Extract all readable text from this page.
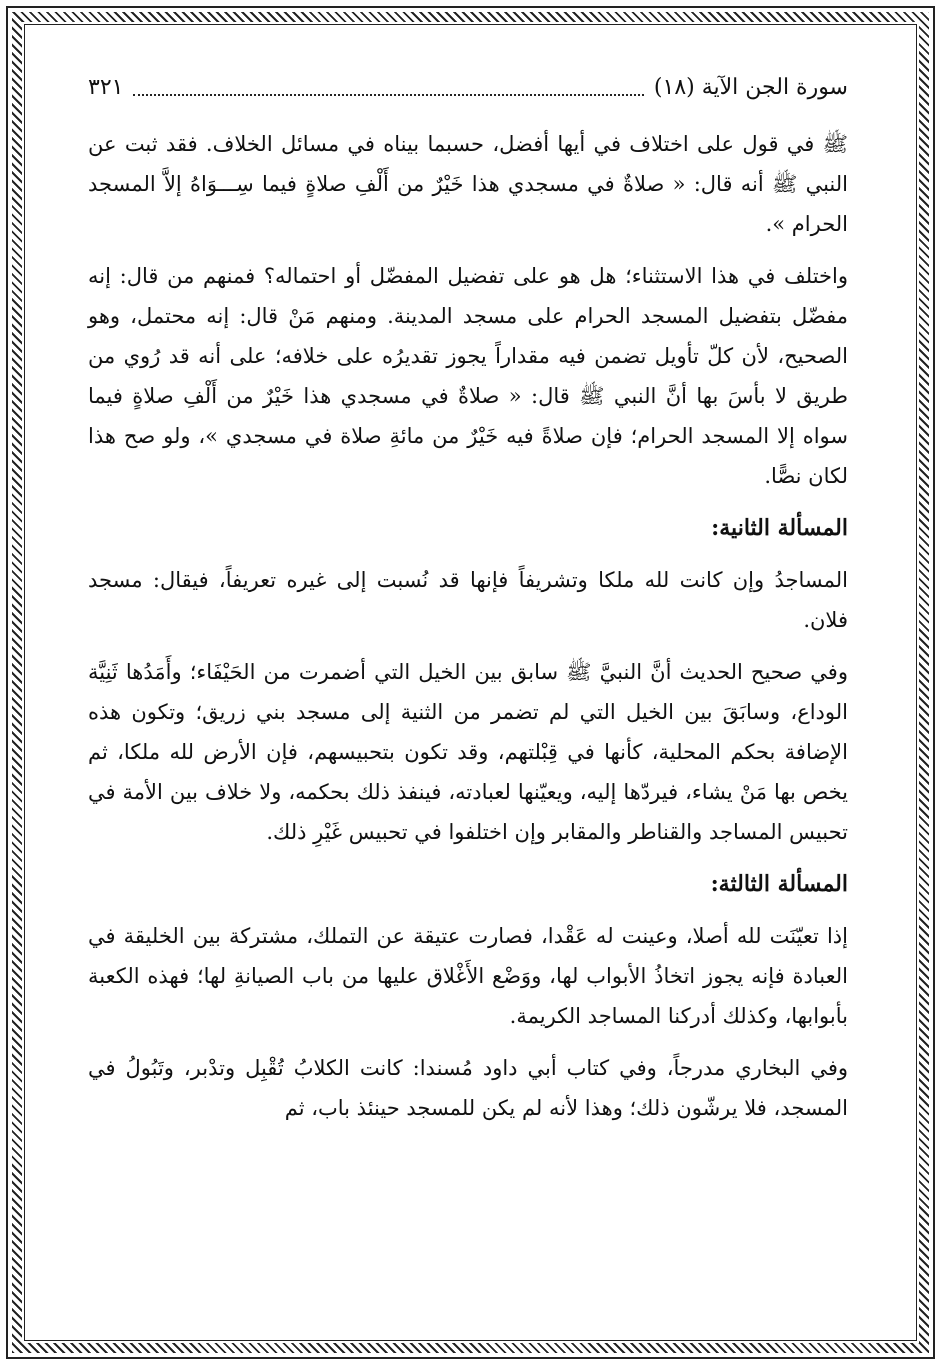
سورة الجن الآية (١٨)
٣٢١

ﷺ في قول على اختلاف في أيها أفضل، حسبما بيناه في مسائل الخلاف. فقد ثبت عن النبي ﷺ أنه قال: « صلاةٌ في مسجدي هذا خَيْرٌ من أَلْفِ صلاةٍ فيما سِـــوَاهُ إلاَّ المسجد الحرام ».

واختلف في هذا الاستثناء؛ هل هو على تفضيل المفضّل أو احتماله؟ فمنهم من قال: إنه مفضّل بتفضيل المسجد الحرام على مسجد المدينة. ومنهم مَنْ قال: إنه محتمل، وهو الصحيح، لأن كلّ تأويل تضمن فيه مقداراً يجوز تقديرُه على خلافه؛ على أنه قد رُوي من طريق لا بأسَ بها أنَّ النبي ﷺ قال: « صلاةٌ في مسجدي هذا خَيْرٌ من أَلْفِ صلاةٍ فيما سواه إلا المسجد الحرام؛ فإن صلاةً فيه خَيْرٌ من مائةِ صلاة في مسجدي »، ولو صح هذا لكان نصًّا.

المسألة الثانية:

المساجدُ وإن كانت لله ملكا وتشريفاً فإنها قد نُسبت إلى غيره تعريفاً، فيقال: مسجد فلان.

وفي صحيح الحديث أنَّ النبيَّ ﷺ سابق بين الخيل التي أضمرت من الحَيْفَاء؛ وأَمَدُها ثَنِيَّة الوداع، وسابَقَ بين الخيل التي لم تضمر من الثنية إلى مسجد بني زريق؛ وتكون هذه الإضافة بحكم المحلية، كأنها في قِبْلتهم، وقد تكون بتحبيسهم، فإن الأرض لله ملكا، ثم يخص بها مَنْ يشاء، فيردّها إليه، ويعيّنها لعبادته، فينفذ ذلك بحكمه، ولا خلاف بين الأمة في تحبيس المساجد والقناطر والمقابر وإن اختلفوا في تحبيس غَيْرِ ذلك.

المسألة الثالثة:

إذا تعيّنَت لله أصلا، وعينت له عَقْدا، فصارت عتيقة عن التملك، مشتركة بين الخليقة في العبادة فإنه يجوز اتخاذُ الأبواب لها، ووَضْع الأَغْلاق عليها من باب الصيانةِ لها؛ فهذه الكعبة بأبوابها، وكذلك أدركنا المساجد الكريمة.

وفي البخاري مدرجاً، وفي كتاب أبي داود مُسندا: كانت الكلابُ تُقْبِل وتدْبر، وتَبُولُ في المسجد، فلا يرشّون ذلك؛ وهذا لأنه لم يكن للمسجد حينئذ باب، ثم
